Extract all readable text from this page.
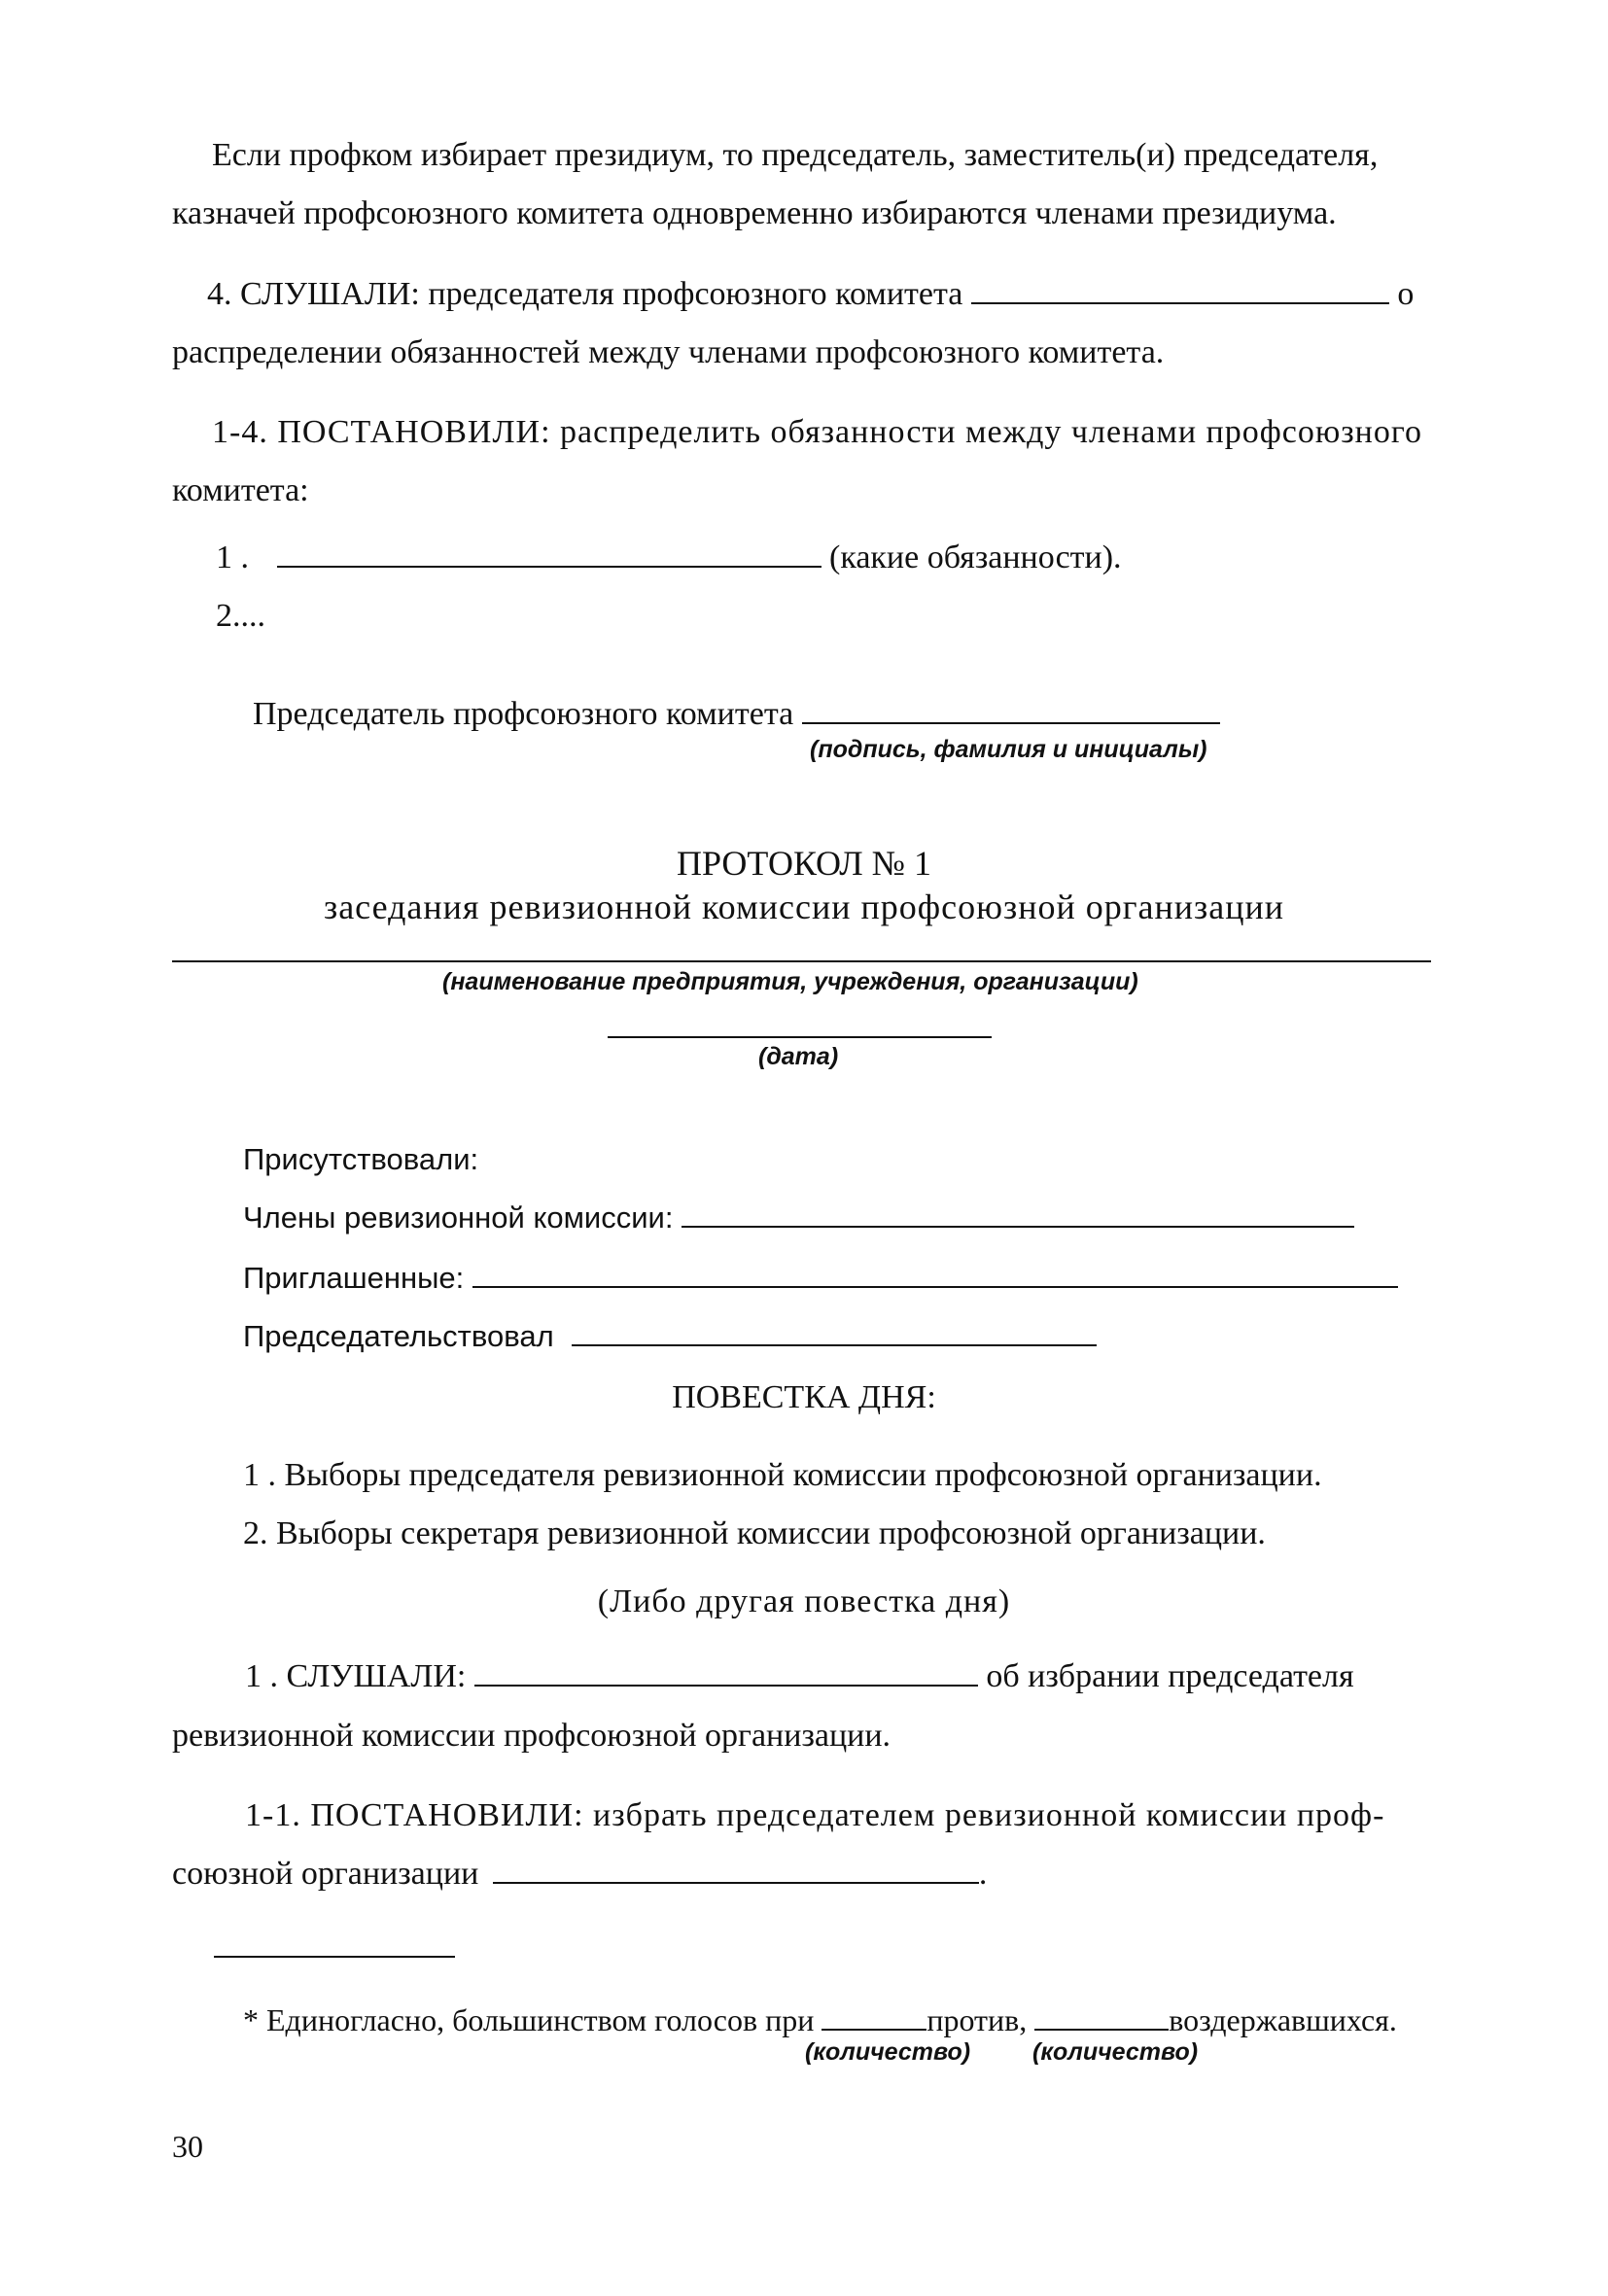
Если профком избирает президиум, то председатель, заместитель(и) председателя,
казначей профсоюзного комитета одновременно избираются членами президиума.
4. СЛУШАЛИ: председателя профсоюзного комитета	о
распределении обязанностей между членами профсоюзного комитета.
1-4. ПОСТАНОВИЛИ: распределить обязанности между членами профсоюзного
комитета:
1 .	(какие обязанности).
2....
Председатель профсоюзного комитета
(подпись, фамилия и инициалы)
ПРОТОКОЛ № 1
заседания ревизионной комиссии профсоюзной организации
(наименование предприятия, учреждения, организации)
(дата)
Присутствовали:
Члены ревизионной комиссии:
Приглашенные:
Председательствовал
ПОВЕСТКА ДНЯ:
1 . Выборы председателя ревизионной комиссии профсоюзной организации.
2. Выборы секретаря ревизионной комиссии профсоюзной организации.
(Либо другая повестка дня)
1 . СЛУШАЛИ:	об избрании председателя
ревизионной комиссии профсоюзной организации.
1-1. ПОСТАНОВИЛИ: избрать председателем ревизионной комиссии проф-
союзной организации	.
* Единогласно, большинством голосов при	против,	воздержавшихся.
(количество)	(количество)
30
